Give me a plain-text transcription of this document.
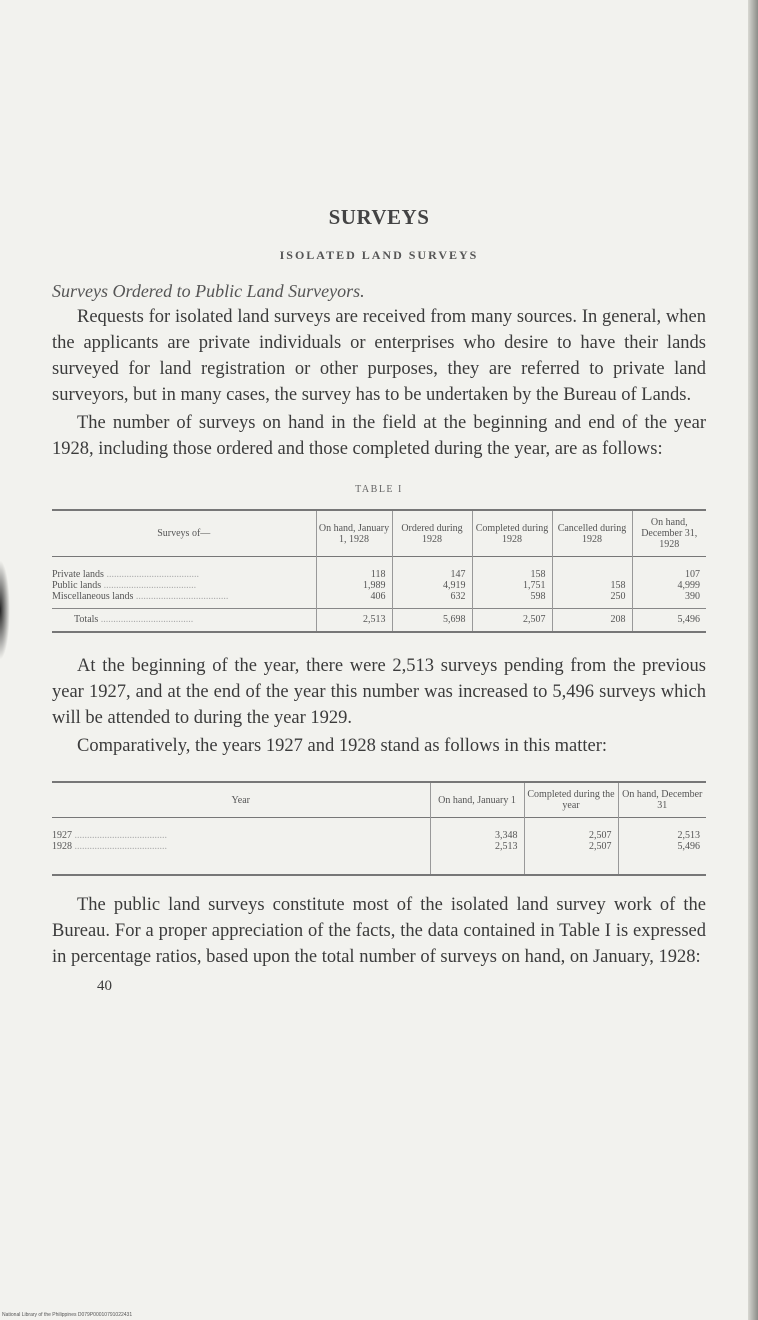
SURVEYS
ISOLATED LAND SURVEYS
Surveys Ordered to Public Land Surveyors.

Requests for isolated land surveys are received from many sources. In general, when the applicants are private individuals or enterprises who desire to have their lands surveyed for land registration or other purposes, they are referred to private land surveyors, but in many cases, the survey has to be undertaken by the Bureau of Lands.

The number of surveys on hand in the field at the beginning and end of the year 1928, including those ordered and those completed during the year, are as follows:

TABLE I
Surveys of—	On hand, January 1, 1928	Ordered during 1928	Completed during 1928	Cancelled during 1928	On hand, December 31, 1928
Private lands .....	118	147	158		107
Public lands .....	1,989	4,919	1,751	158	4,999
Miscellaneous lands .....	406	632	598	250	390
Totals .....	2,513	5,698	2,507	208	5,496

At the beginning of the year, there were 2,513 surveys pending from the previous year 1927, and at the end of the year this number was increased to 5,496 surveys which will be attended to during the year 1929.

Comparatively, the years 1927 and 1928 stand as follows in this matter:

Year	On hand, January 1	Completed during the year	On hand, December 31
1927 .....	3,348	2,507	2,513
1928 .....	2,513	2,507	5,496

The public land surveys constitute most of the isolated land survey work of the Bureau. For a proper appreciation of the facts, the data contained in Table I is expressed in percentage ratios, based upon the total number of surveys on hand, on January, 1928:

40
National Library of the Philippines D079P00010791022431
